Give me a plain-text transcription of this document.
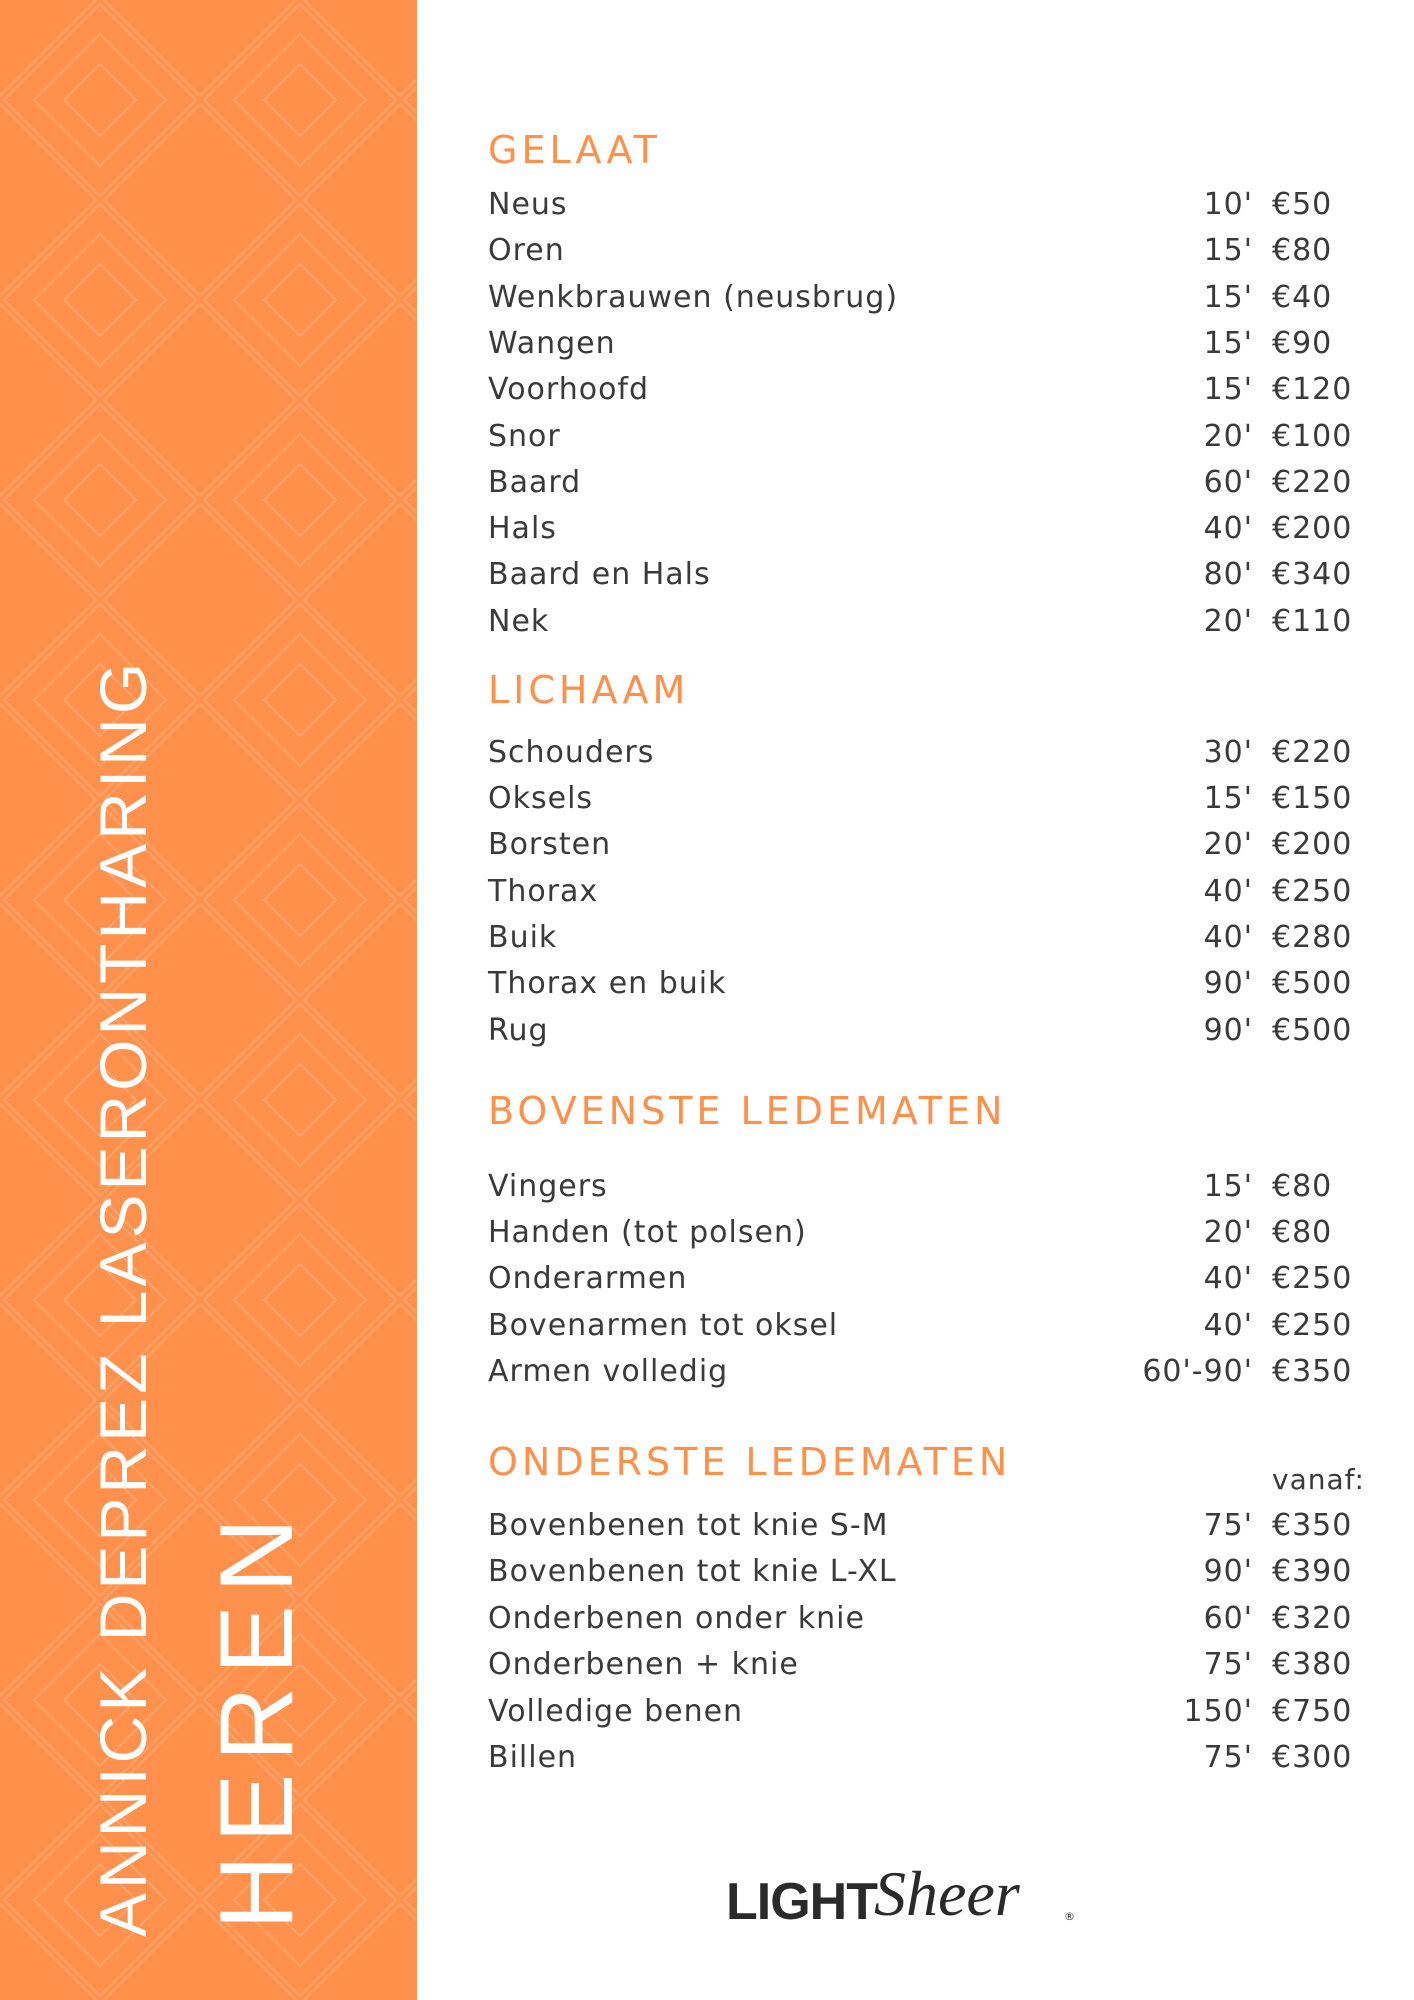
ANNICK DEPREZ LASERONTHARING HEREN
GELAAT
Neus	10' €50
Oren	15' €80
Wenkbrauwen (neusbrug)	15' €40
Wangen	15' €90
Voorhoofd	15' €120
Snor	20' €100
Baard	60' €220
Hals	40' €200
Baard en Hals	80' €340
Nek	20' €110
LICHAAM
Schouders	30' €220
Oksels	15' €150
Borsten	20' €200
Thorax	40' €250
Buik	40' €280
Thorax en buik	90' €500
Rug	90' €500
BOVENSTE LEDEMATEN
Vingers	15' €80
Handen (tot polsen)	20' €80
Onderarmen	40' €250
Bovenarmen tot oksel	40' €250
Armen volledig	60'-90' €350
ONDERSTE LEDEMATEN	vanaf:
Bovenbenen tot knie S-M	75' €350
Bovenbenen tot knie L-XL	90' €390
Onderbenen onder knie	60' €320
Onderbenen + knie	75' €380
Volledige benen	150' €750
Billen	75' €300
LIGHT
Sheer	®
